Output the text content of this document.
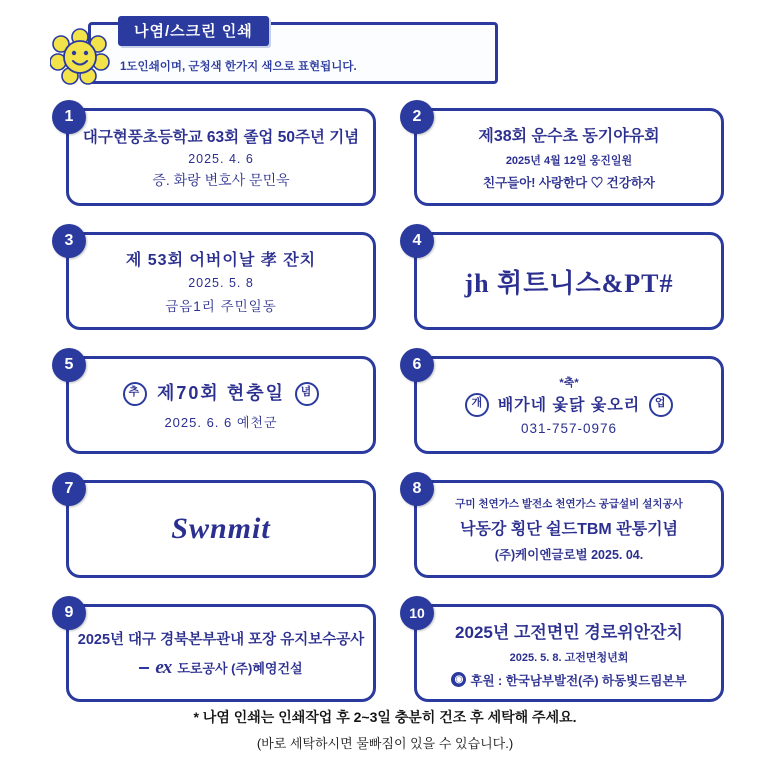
나염/스크린 인쇄
1도인쇄이며, 군청색 한가지 색으로 표현됩니다.
1
대구현풍초등학교 63회 졸업 50주년 기념
2025. 4. 6
증. 화랑 변호사 문민욱
2
제38회 운수초 동기야유회
2025년 4월 12일 웅진일원
친구들아! 사랑한다 ♡ 건강하자
3
제 53회 어버이날 孝 잔치
2025. 5. 8
금음1리 주민일동
4
jh 휘트니스&PT#
5
추 제70회 현충일 념
2025. 6. 6 예천군
6
*축*
개 배가네 옻닭 옻오리 업
031-757-0976
7
Swnmit
8
구미 천연가스 발전소 천연가스 공급설비 설치공사
낙동강 횡단 쉴드TBM 관통기념
(주)케이엔글로벌 2025. 04.
9
2025년 대구 경북본부관내 포장 유지보수공사
ex 도로공사 (주)혜영건설
10
2025년 고전면민 경로위안잔치
2025. 5. 8. 고전면청년회
◉ 후원 : 한국남부발전(주) 하동빛드림본부
* 나염 인쇄는 인쇄작업 후 2~3일 충분히 건조 후 세탁해 주세요.
(바로 세탁하시면 물빠짐이 있을 수 있습니다.)
